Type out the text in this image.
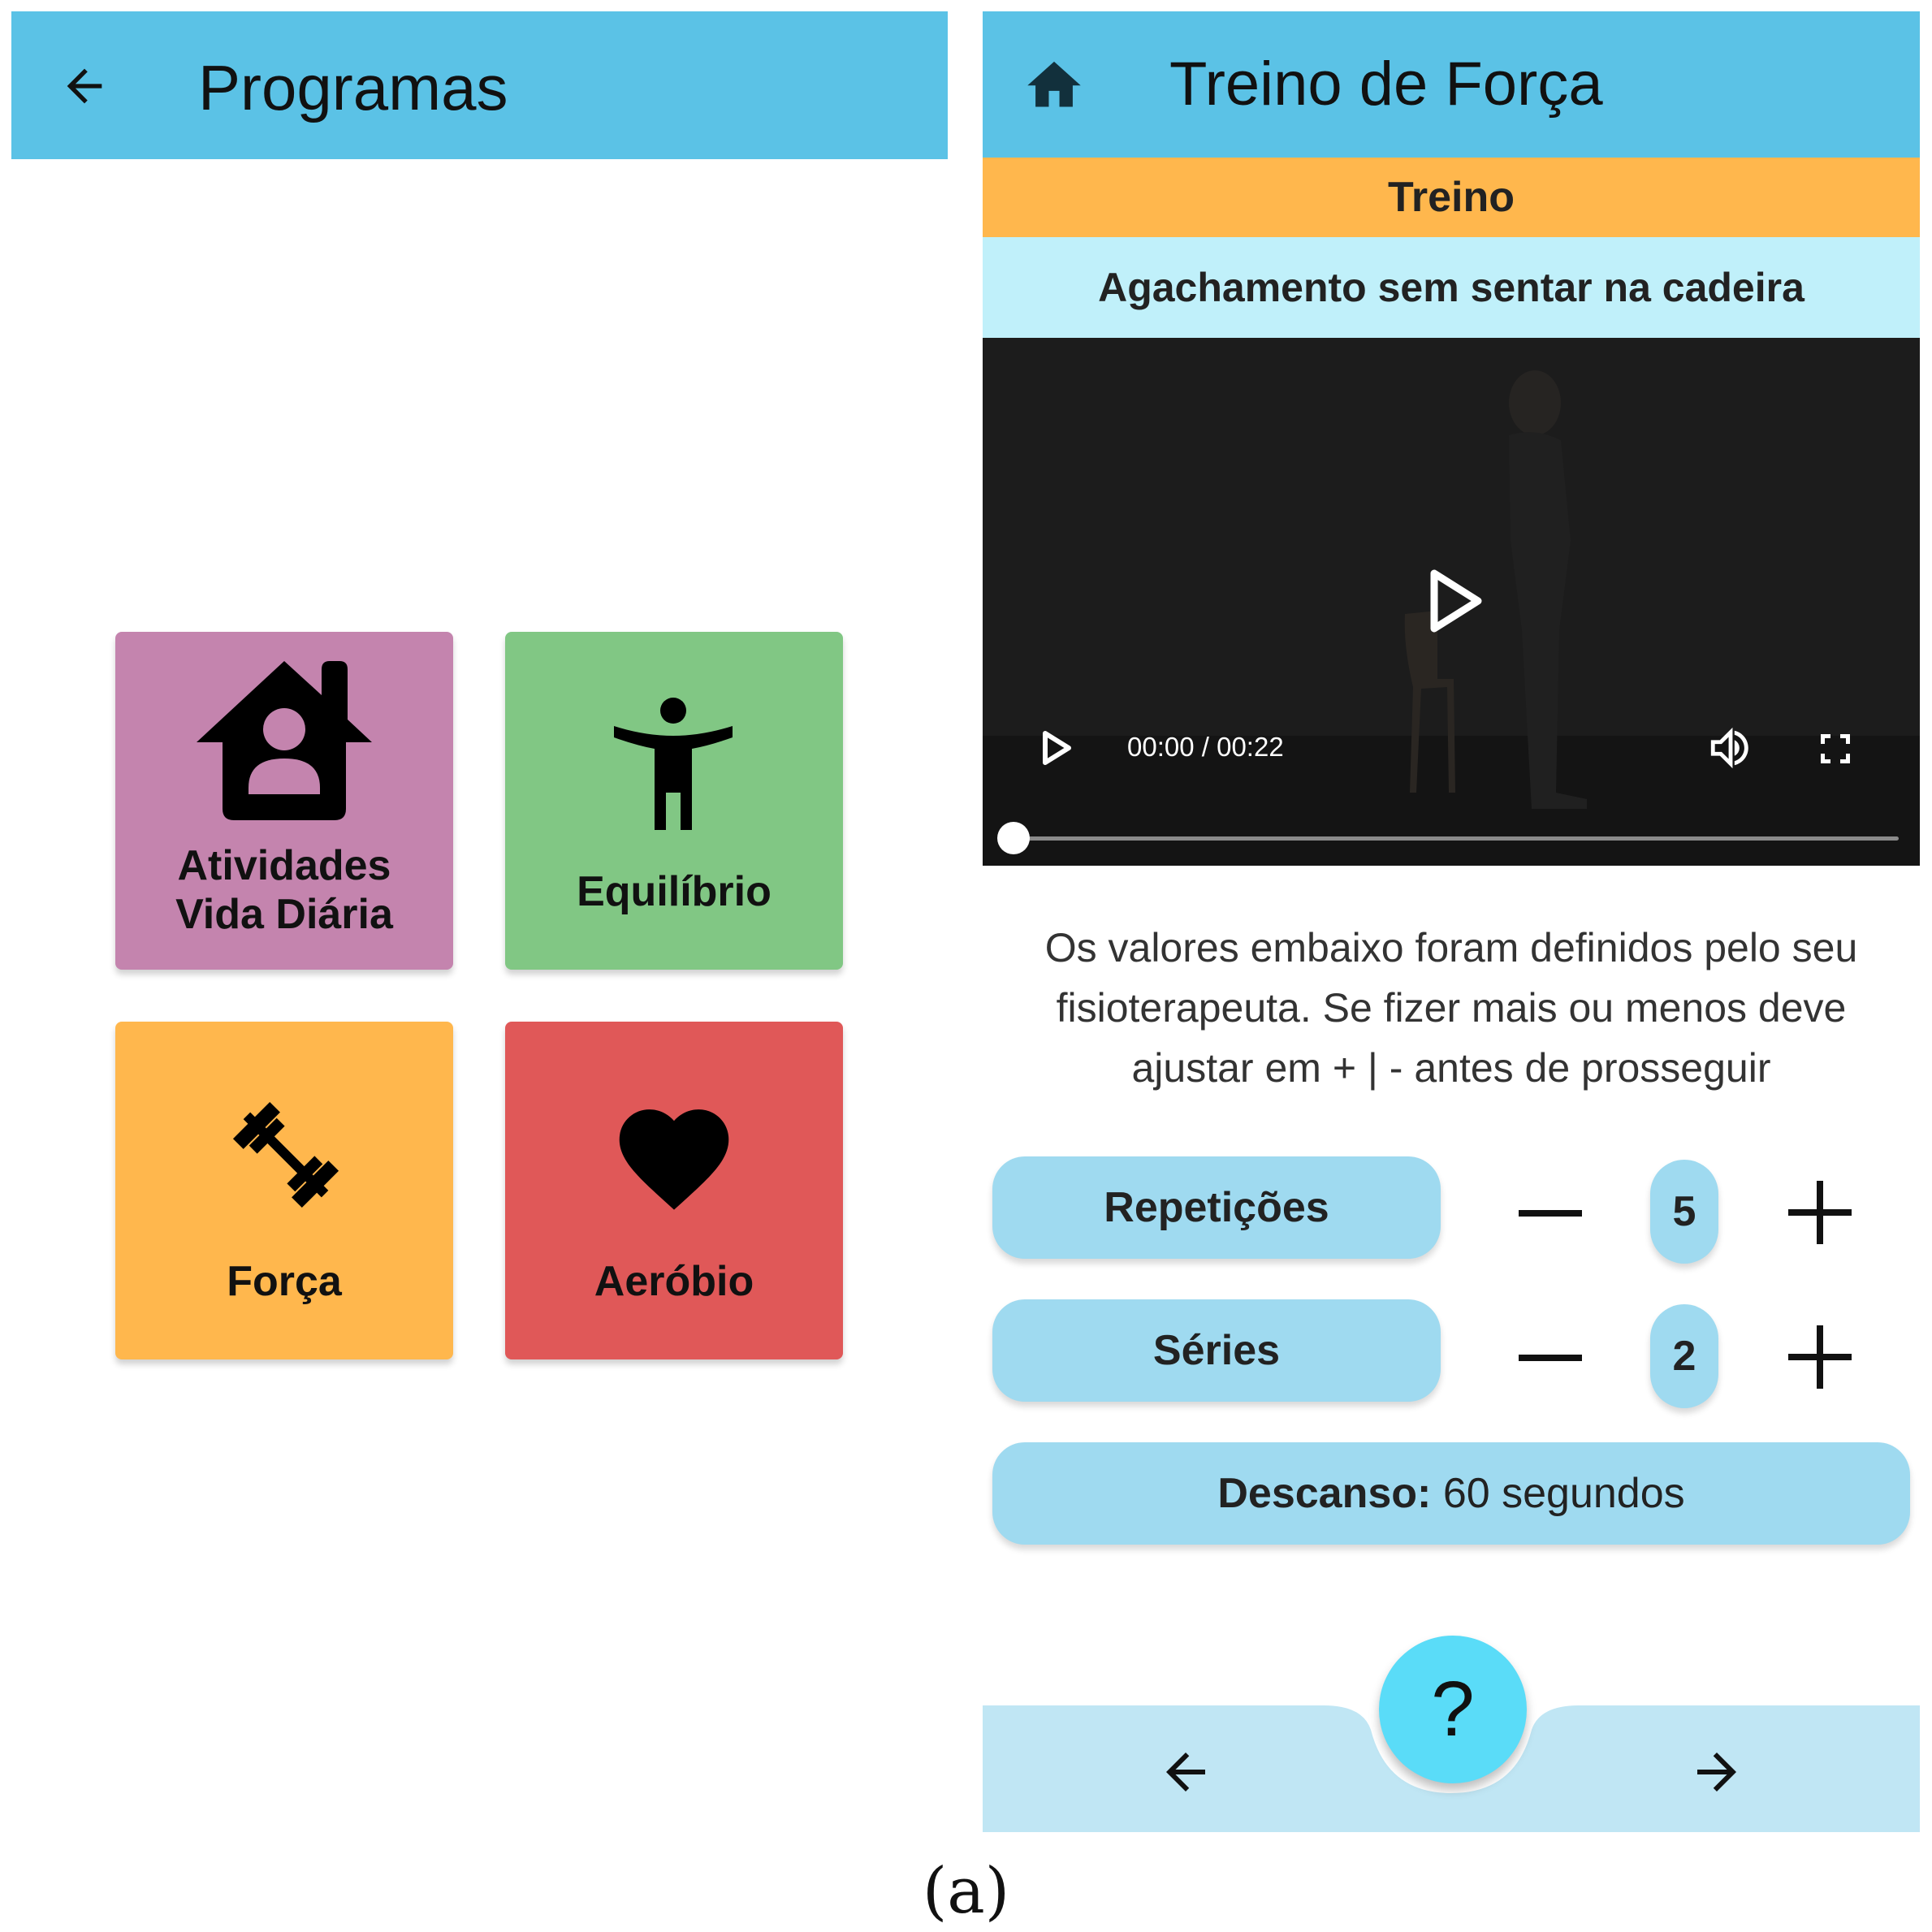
Programas
Atividades
Vida Diária	Equilíbrio
Força	Aeróbio
Treino de Força
Treino
Agachamento sem sentar na cadeira
00:00 / 00:22
Os valores embaixo foram definidos pelo seu fisioterapeuta. Se fizer mais ou menos deve ajustar em + | - antes de prosseguir
Repetições	5
Séries	2
Descanso: 60 segundos
?
(a)
